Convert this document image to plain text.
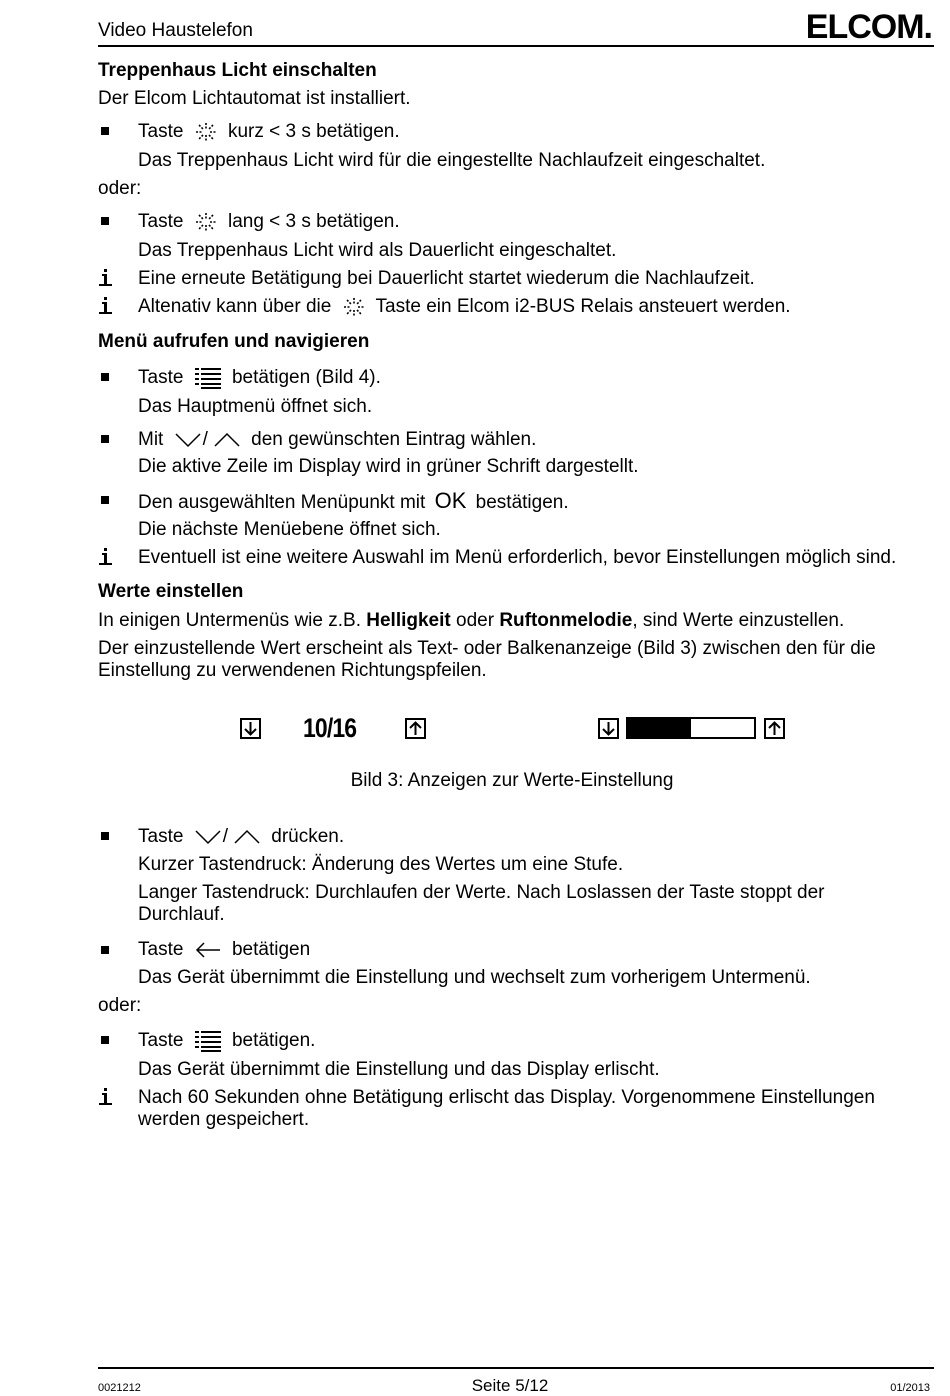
Video Haustelefon	ELCOM.
Treppenhaus Licht einschalten
Der Elcom Lichtautomat ist installiert.
Taste kurz < 3 s betätigen.
Das Treppenhaus Licht wird für die eingestellte Nachlaufzeit eingeschaltet.
oder:
Taste lang < 3 s betätigen.
Das Treppenhaus Licht wird als Dauerlicht eingeschaltet.
Eine erneute Betätigung bei Dauerlicht startet wiederum die Nachlaufzeit.
Altenativ kann über die Taste ein Elcom i2-BUS Relais ansteuert werden.
Menü aufrufen und navigieren
Taste	betätigen (Bild 4).
Das Hauptmenü öffnet sich.
Mit / den gewünschten Eintrag wählen.
Die aktive Zeile im Display wird in grüner Schrift dargestellt.
Den ausgewählten Menüpunkt mit OK bestätigen.
Die nächste Menüebene öffnet sich.
Eventuell ist eine weitere Auswahl im Menü erforderlich, bevor Einstellungen möglich sind.
Werte einstellen
In einigen Untermenüs wie z.B. Helligkeit oder Ruftonmelodie, sind Werte einzustellen.
Der einzustellende Wert erscheint als Text- oder Balkenanzeige (Bild 3) zwischen den für die
Einstellung zu verwendenen Richtungspfeilen.
10/16
Bild 3: Anzeigen zur Werte-Einstellung
Taste / drücken.
Kurzer Tastendruck: Änderung des Wertes um eine Stufe.
Langer Tastendruck: Durchlaufen der Werte. Nach Loslassen der Taste stoppt der
Durchlauf.
Taste	betätigen
Das Gerät übernimmt die Einstellung und wechselt zum vorherigem Untermenü.
oder:
Taste	betätigen.
Das Gerät übernimmt die Einstellung und das Display erlischt.
Nach 60 Sekunden ohne Betätigung erlischt das Display. Vorgenommene Einstellungen
werden gespeichert.
0021212	Seite 5/12	01/2013
